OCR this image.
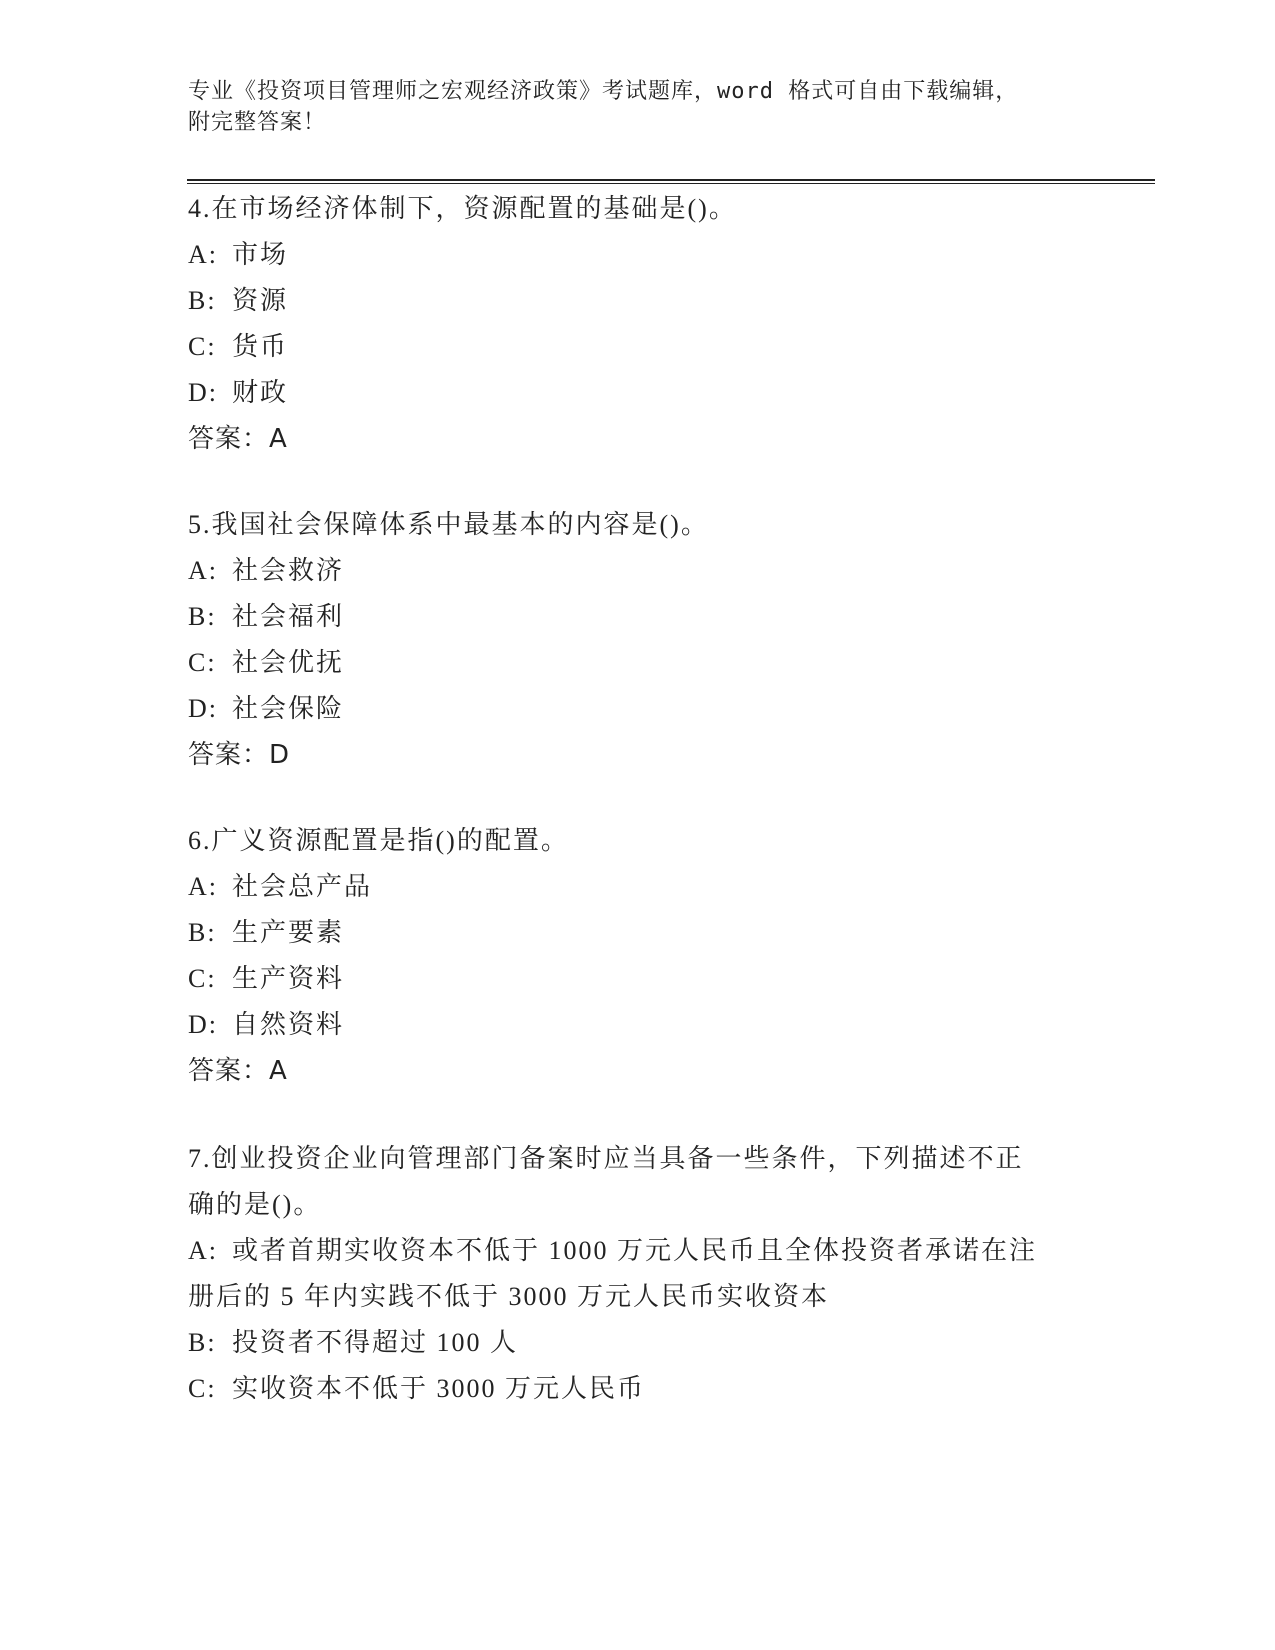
专业《投资项目管理师之宏观经济政策》考试题库，word 格式可自由下载编辑，
附完整答案！

4.在市场经济体制下，资源配置的基础是()。

A: 市场

B: 资源

C: 货币

D: 财政

答案：A

5.我国社会保障体系中最基本的内容是()。

A: 社会救济

B: 社会福利

C: 社会优抚

D: 社会保险

答案：D

6.广义资源配置是指()的配置。

A: 社会总产品

B: 生产要素

C: 生产资料

D: 自然资料

答案：A

7.创业投资企业向管理部门备案时应当具备一些条件，下列描述不正

确的是()。

A: 或者首期实收资本不低于 1000 万元人民币且全体投资者承诺在注

册后的 5 年内实践不低于 3000 万元人民币实收资本

B: 投资者不得超过 100 人

C: 实收资本不低于 3000 万元人民币
